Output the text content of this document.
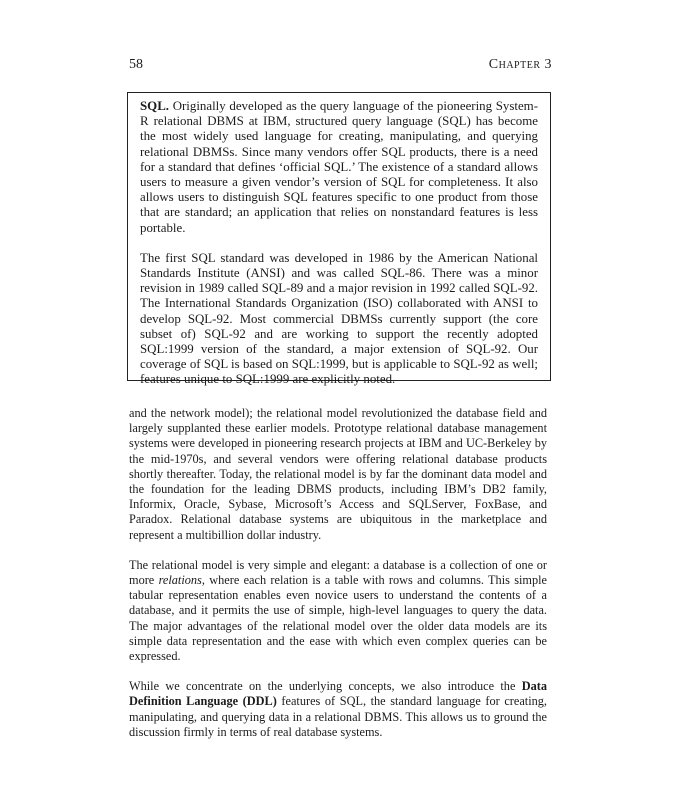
58	Chapter 3

SQL. Originally developed as the query language of the pioneering System-R relational DBMS at IBM, structured query language (SQL) has become the most widely used language for creating, manipulating, and querying relational DBMSs. Since many vendors offer SQL products, there is a need for a standard that defines ‘official SQL.’ The existence of a standard allows users to measure a given vendor’s version of SQL for completeness. It also allows users to distinguish SQL features specific to one product from those that are standard; an application that relies on nonstandard features is less portable.

The first SQL standard was developed in 1986 by the American National Standards Institute (ANSI) and was called SQL-86. There was a minor revision in 1989 called SQL-89 and a major revision in 1992 called SQL-92. The International Standards Organization (ISO) collaborated with ANSI to develop SQL-92. Most commercial DBMSs currently support (the core subset of) SQL-92 and are working to support the recently adopted SQL:1999 version of the standard, a major extension of SQL-92. Our coverage of SQL is based on SQL:1999, but is applicable to SQL-92 as well; features unique to SQL:1999 are explicitly noted.

and the network model); the relational model revolutionized the database field and largely supplanted these earlier models. Prototype relational database management systems were developed in pioneering research projects at IBM and UC-Berkeley by the mid-1970s, and several vendors were offering relational database products shortly thereafter. Today, the relational model is by far the dominant data model and the foundation for the leading DBMS products, including IBM’s DB2 family, Informix, Oracle, Sybase, Microsoft’s Access and SQLServer, FoxBase, and Paradox. Relational database systems are ubiquitous in the marketplace and represent a multibillion dollar industry.

The relational model is very simple and elegant: a database is a collection of one or more relations, where each relation is a table with rows and columns. This simple tabular representation enables even novice users to understand the contents of a database, and it permits the use of simple, high-level languages to query the data. The major advantages of the relational model over the older data models are its simple data representation and the ease with which even complex queries can be expressed.

While we concentrate on the underlying concepts, we also introduce the Data Definition Language (DDL) features of SQL, the standard language for creating, manipulating, and querying data in a relational DBMS. This allows us to ground the discussion firmly in terms of real database systems.
